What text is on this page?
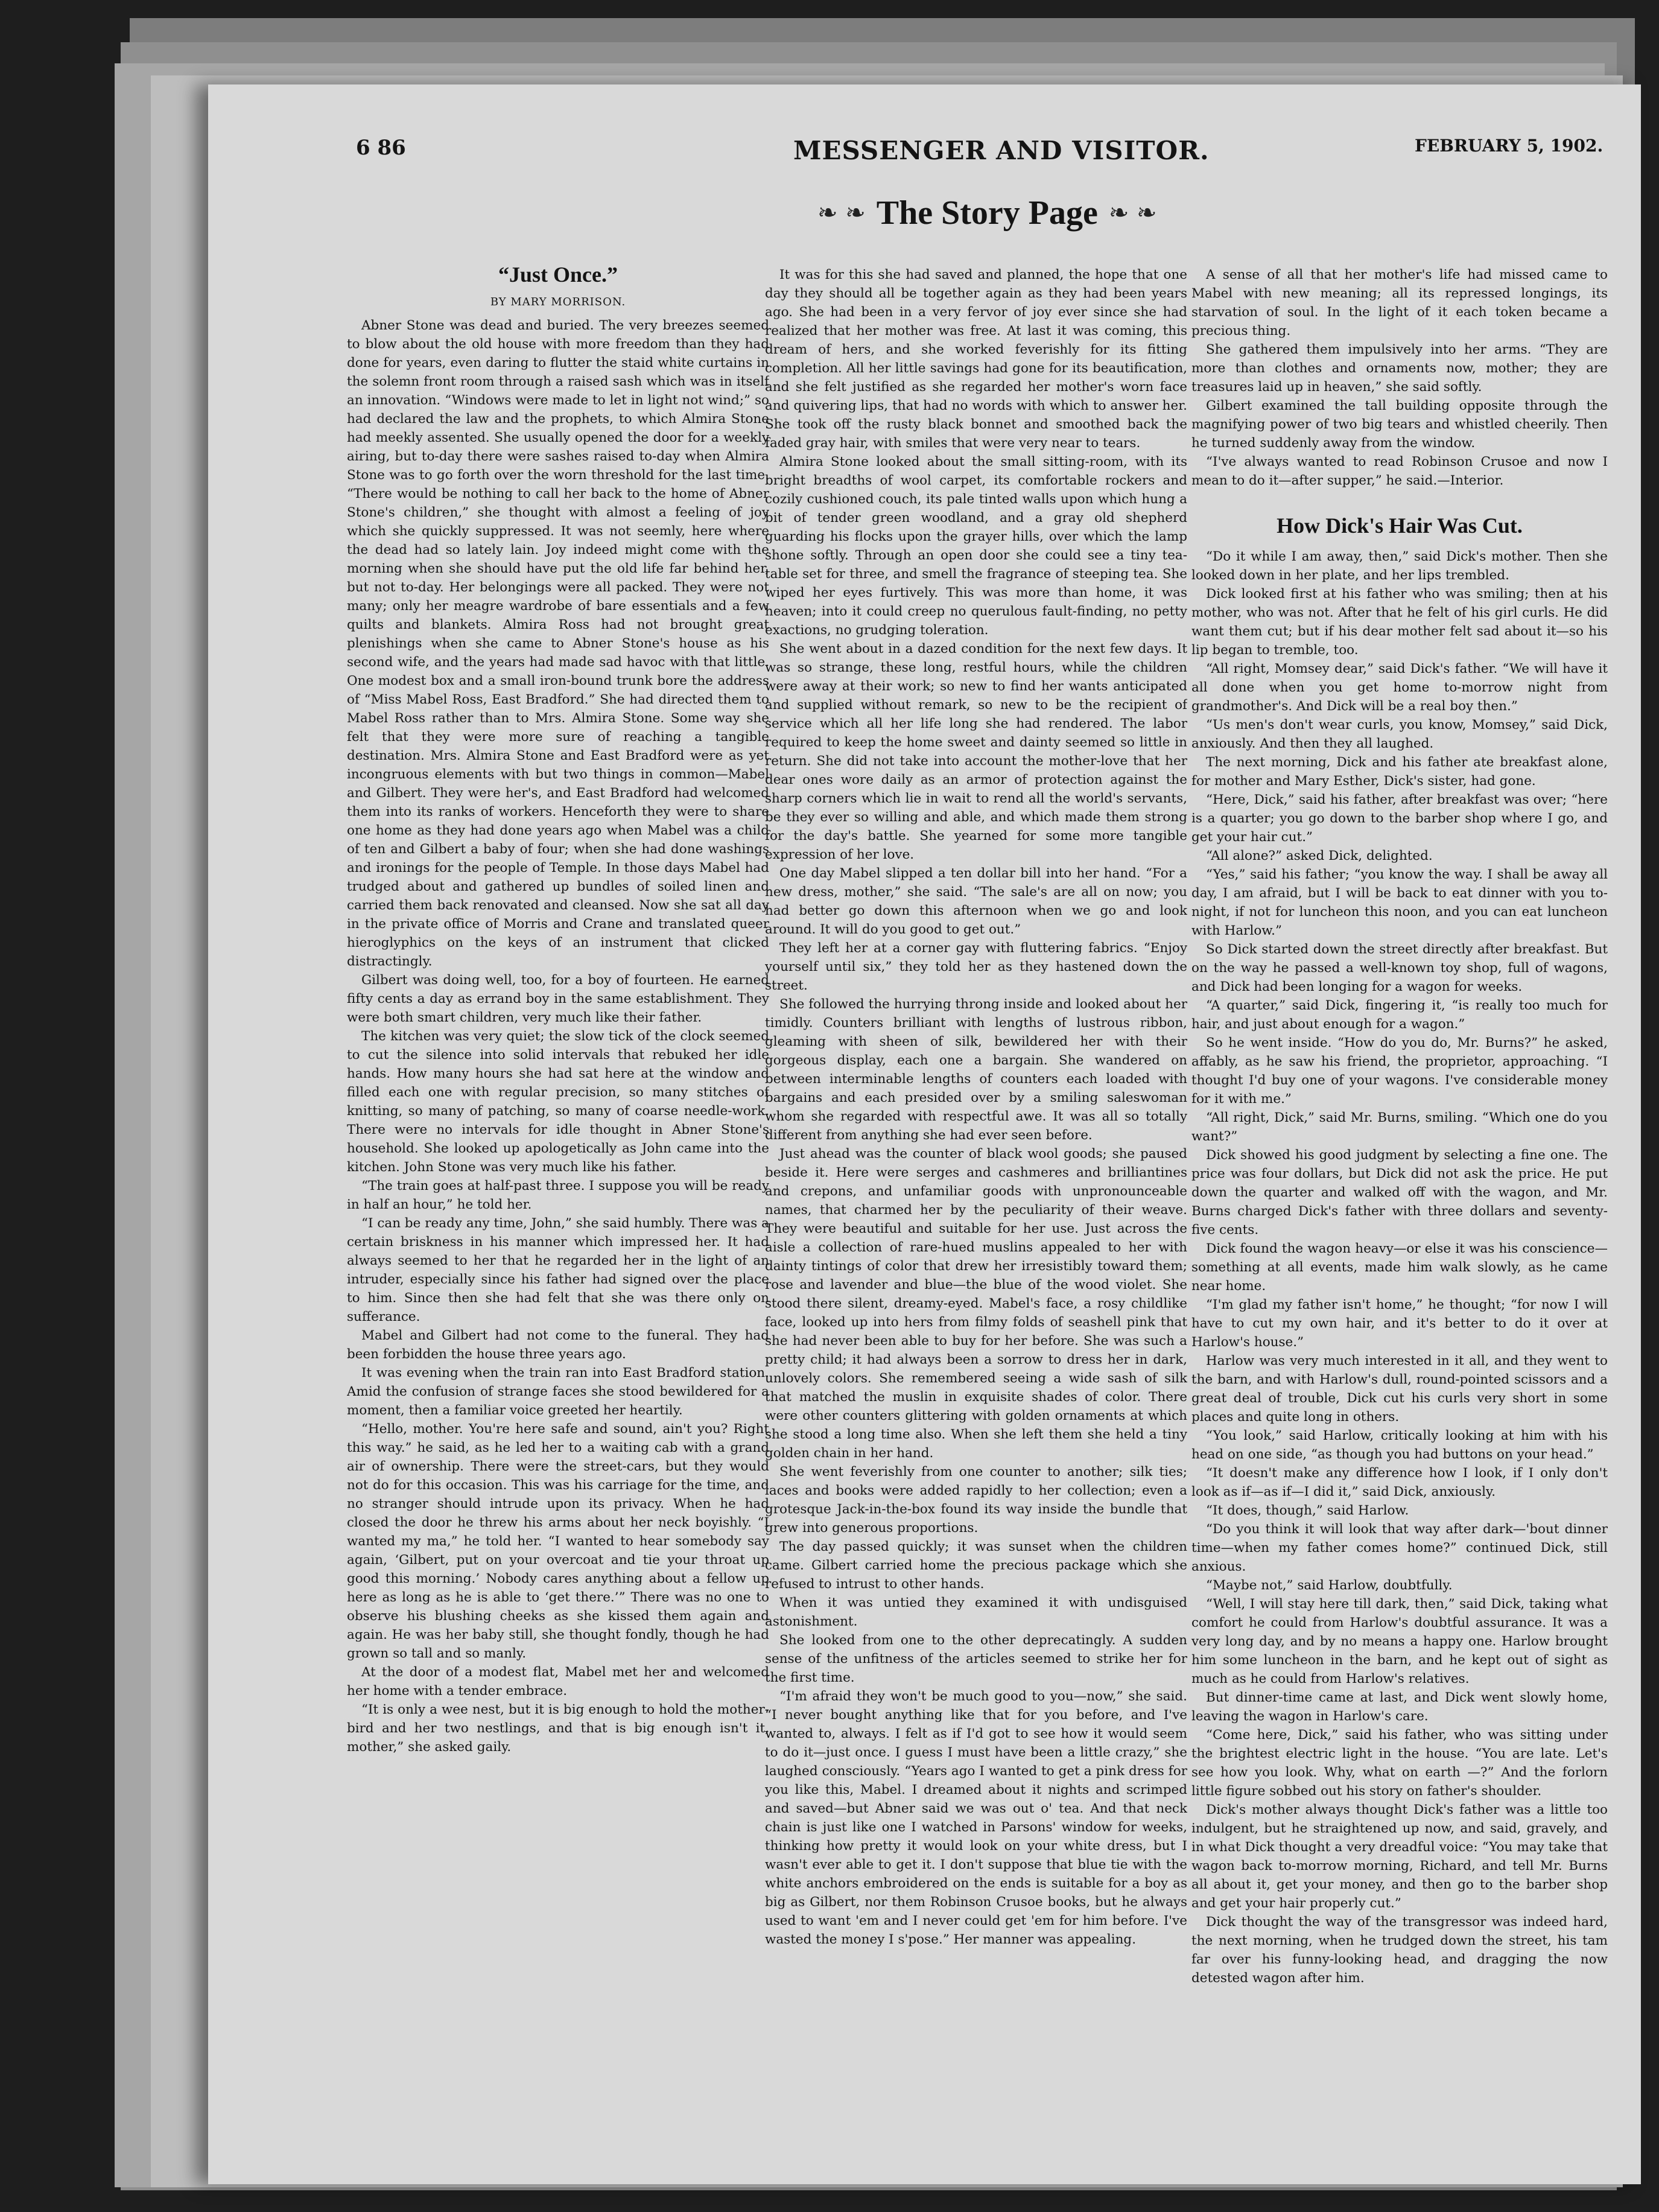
6 86	MESSENGER AND VISITOR.	FEBRUARY 5, 1902.
❧ ❧ The Story Page ❧ ❧
“Just Once.”
BY MARY MORRISON.

Abner Stone was dead and buried. The very breezes seemed to blow about the old house with more freedom than they had done for years, even daring to flutter the staid white curtains in the solemn front room through a raised sash which was in itself an innovation. “Windows were made to let in light not wind;” so had declared the law and the prophets, to which Almira Stone had meekly assented. She usually opened the door for a weekly airing, but to-day there were sashes raised to-day when Almira Stone was to go forth over the worn threshold for the last time. “There would be nothing to call her back to the home of Abner Stone's children,” she thought with almost a feeling of joy which she quickly suppressed. It was not seemly, here where the dead had so lately lain. Joy indeed might come with the morning when she should have put the old life far behind her, but not to-day. Her belongings were all packed. They were not many; only her meagre wardrobe of bare essentials and a few quilts and blankets. Almira Ross had not brought great plenishings when she came to Abner Stone's house as his second wife, and the years had made sad havoc with that little. One modest box and a small iron-bound trunk bore the address of “Miss Mabel Ross, East Bradford.” She had directed them to Mabel Ross rather than to Mrs. Almira Stone. Some way she felt that they were more sure of reaching a tangible destination. Mrs. Almira Stone and East Bradford were as yet incongruous elements with but two things in common—Mabel and Gilbert. They were her's, and East Bradford had welcomed them into its ranks of workers. Henceforth they were to share one home as they had done years ago when Mabel was a child of ten and Gilbert a baby of four; when she had done washings and ironings for the people of Temple. In those days Mabel had trudged about and gathered up bundles of soiled linen and carried them back renovated and cleansed. Now she sat all day in the private office of Morris and Crane and translated queer hieroglyphics on the keys of an instrument that clicked distractingly.

Gilbert was doing well, too, for a boy of fourteen. He earned fifty cents a day as errand boy in the same establishment. They were both smart children, very much like their father.

The kitchen was very quiet; the slow tick of the clock seemed to cut the silence into solid intervals that rebuked her idle hands. How many hours she had sat here at the window and filled each one with regular precision, so many stitches of knitting, so many of patching, so many of coarse needle-work. There were no intervals for idle thought in Abner Stone's household. She looked up apologetically as John came into the kitchen. John Stone was very much like his father.

“The train goes at half-past three. I suppose you will be ready in half an hour,” he told her.

“I can be ready any time, John,” she said humbly. There was a certain briskness in his manner which impressed her. It had always seemed to her that he regarded her in the light of an intruder, especially since his father had signed over the place to him. Since then she had felt that she was there only on sufferance.

Mabel and Gilbert had not come to the funeral. They had been forbidden the house three years ago.

It was evening when the train ran into East Bradford station. Amid the confusion of strange faces she stood bewildered for a moment, then a familiar voice greeted her heartily.

“Hello, mother. You're here safe and sound, ain't you? Right this way.” he said, as he led her to a waiting cab with a grand air of ownership. There were the street-cars, but they would not do for this occasion. This was his carriage for the time, and no stranger should intrude upon its privacy. When he had closed the door he threw his arms about her neck boyishly. “I wanted my ma,” he told her. “I wanted to hear somebody say again, ‘Gilbert, put on your overcoat and tie your throat up good this morning.’ Nobody cares anything about a fellow up here as long as he is able to ‘get there.’” There was no one to observe his blushing cheeks as she kissed them again and again. He was her baby still, she thought fondly, though he had grown so tall and so manly.

At the door of a modest flat, Mabel met her and welcomed her home with a tender embrace.

“It is only a wee nest, but it is big enough to hold the mother-bird and her two nestlings, and that is big enough isn't it, mother,” she asked gaily.

It was for this she had saved and planned, the hope that one day they should all be together again as they had been years ago. She had been in a very fervor of joy ever since she had realized that her mother was free. At last it was coming, this dream of hers, and she worked feverishly for its fitting completion. All her little savings had gone for its beautification, and she felt justified as she regarded her mother's worn face and quivering lips, that had no words with which to answer her. She took off the rusty black bonnet and smoothed back the faded gray hair, with smiles that were very near to tears.

Almira Stone looked about the small sitting-room, with its bright breadths of wool carpet, its comfortable rockers and cozily cushioned couch, its pale tinted walls upon which hung a bit of tender green woodland, and a gray old shepherd guarding his flocks upon the grayer hills, over which the lamp shone softly. Through an open door she could see a tiny tea-table set for three, and smell the fragrance of steeping tea. She wiped her eyes furtively. This was more than home, it was heaven; into it could creep no querulous fault-finding, no petty exactions, no grudging toleration.

She went about in a dazed condition for the next few days. It was so strange, these long, restful hours, while the children were away at their work; so new to find her wants anticipated and supplied without remark, so new to be the recipient of service which all her life long she had rendered. The labor required to keep the home sweet and dainty seemed so little in return. She did not take into account the mother-love that her dear ones wore daily as an armor of protection against the sharp corners which lie in wait to rend all the world's servants, be they ever so willing and able, and which made them strong for the day's battle. She yearned for some more tangible expression of her love.

One day Mabel slipped a ten dollar bill into her hand. “For a new dress, mother,” she said. “The sale's are all on now; you had better go down this afternoon when we go and look around. It will do you good to get out.”

They left her at a corner gay with fluttering fabrics. “Enjoy yourself until six,” they told her as they hastened down the street.

She followed the hurrying throng inside and looked about her timidly. Counters brilliant with lengths of lustrous ribbon, gleaming with sheen of silk, bewildered her with their gorgeous display, each one a bargain. She wandered on between interminable lengths of counters each loaded with bargains and each presided over by a smiling saleswoman whom she regarded with respectful awe. It was all so totally different from anything she had ever seen before.

Just ahead was the counter of black wool goods; she paused beside it. Here were serges and cashmeres and brilliantines and crepons, and unfamiliar goods with unpronounceable names, that charmed her by the peculiarity of their weave. They were beautiful and suitable for her use. Just across the aisle a collection of rare-hued muslins appealed to her with dainty tintings of color that drew her irresistibly toward them; rose and lavender and blue—the blue of the wood violet. She stood there silent, dreamy-eyed. Mabel's face, a rosy childlike face, looked up into hers from filmy folds of seashell pink that she had never been able to buy for her before. She was such a pretty child; it had always been a sorrow to dress her in dark, unlovely colors. She remembered seeing a wide sash of silk that matched the muslin in exquisite shades of color. There were other counters glittering with golden ornaments at which she stood a long time also. When she left them she held a tiny golden chain in her hand.

She went feverishly from one counter to another; silk ties; laces and books were added rapidly to her collection; even a grotesque Jack-in-the-box found its way inside the bundle that grew into generous proportions.

The day passed quickly; it was sunset when the children came. Gilbert carried home the precious package which she refused to intrust to other hands.

When it was untied they examined it with undisguised astonishment.

She looked from one to the other deprecatingly. A sudden sense of the unfitness of the articles seemed to strike her for the first time.

“I'm afraid they won't be much good to you—now,” she said. “I never bought anything like that for you before, and I've wanted to, always. I felt as if I'd got to see how it would seem to do it—just once. I guess I must have been a little crazy,” she laughed consciously. “Years ago I wanted to get a pink dress for you like this, Mabel. I dreamed about it nights and scrimped and saved—but Abner said we was out o' tea. And that neck chain is just like one I watched in Parsons' window for weeks, thinking how pretty it would look on your white dress, but I wasn't ever able to get it. I don't suppose that blue tie with the white anchors embroidered on the ends is suitable for a boy as big as Gilbert, nor them Robinson Crusoe books, but he always used to want 'em and I never could get 'em for him before. I've wasted the money I s'pose.” Her manner was appealing.

A sense of all that her mother's life had missed came to Mabel with new meaning; all its repressed longings, its starvation of soul. In the light of it each token became a precious thing.

She gathered them impulsively into her arms. “They are more than clothes and ornaments now, mother; they are treasures laid up in heaven,” she said softly.

Gilbert examined the tall building opposite through the magnifying power of two big tears and whistled cheerily. Then he turned suddenly away from the window.

“I've always wanted to read Robinson Crusoe and now I mean to do it—after supper,” he said.—Interior.

How Dick's Hair Was Cut.

“Do it while I am away, then,” said Dick's mother. Then she looked down in her plate, and her lips trembled.

Dick looked first at his father who was smiling; then at his mother, who was not. After that he felt of his girl curls. He did want them cut; but if his dear mother felt sad about it—so his lip began to tremble, too.

“All right, Momsey dear,” said Dick's father. “We will have it all done when you get home to-morrow night from grandmother's. And Dick will be a real boy then.”

“Us men's don't wear curls, you know, Momsey,” said Dick, anxiously. And then they all laughed.

The next morning, Dick and his father ate breakfast alone, for mother and Mary Esther, Dick's sister, had gone.

“Here, Dick,” said his father, after breakfast was over; “here is a quarter; you go down to the barber shop where I go, and get your hair cut.”

“All alone?” asked Dick, delighted.

“Yes,” said his father; “you know the way. I shall be away all day, I am afraid, but I will be back to eat dinner with you to-night, if not for luncheon this noon, and you can eat luncheon with Harlow.”

So Dick started down the street directly after breakfast. But on the way he passed a well-known toy shop, full of wagons, and Dick had been longing for a wagon for weeks.

“A quarter,” said Dick, fingering it, “is really too much for hair, and just about enough for a wagon.”

So he went inside. “How do you do, Mr. Burns?” he asked, affably, as he saw his friend, the proprietor, approaching. “I thought I'd buy one of your wagons. I've considerable money for it with me.”

“All right, Dick,” said Mr. Burns, smiling. “Which one do you want?”

Dick showed his good judgment by selecting a fine one. The price was four dollars, but Dick did not ask the price. He put down the quarter and walked off with the wagon, and Mr. Burns charged Dick's father with three dollars and seventy-five cents.

Dick found the wagon heavy—or else it was his conscience—something at all events, made him walk slowly, as he came near home.

“I'm glad my father isn't home,” he thought; “for now I will have to cut my own hair, and it's better to do it over at Harlow's house.”

Harlow was very much interested in it all, and they went to the barn, and with Harlow's dull, round-pointed scissors and a great deal of trouble, Dick cut his curls very short in some places and quite long in others.

“You look,” said Harlow, critically looking at him with his head on one side, “as though you had buttons on your head.”

“It doesn't make any difference how I look, if I only don't look as if—as if—I did it,” said Dick, anxiously.

“It does, though,” said Harlow.

“Do you think it will look that way after dark—'bout dinner time—when my father comes home?” continued Dick, still anxious.

“Maybe not,” said Harlow, doubtfully.

“Well, I will stay here till dark, then,” said Dick, taking what comfort he could from Harlow's doubtful assurance. It was a very long day, and by no means a happy one. Harlow brought him some luncheon in the barn, and he kept out of sight as much as he could from Harlow's relatives.

But dinner-time came at last, and Dick went slowly home, leaving the wagon in Harlow's care.

“Come here, Dick,” said his father, who was sitting under the brightest electric light in the house. “You are late. Let's see how you look. Why, what on earth —?” And the forlorn little figure sobbed out his story on father's shoulder.

Dick's mother always thought Dick's father was a little too indulgent, but he straightened up now, and said, gravely, and in what Dick thought a very dreadful voice: “You may take that wagon back to-morrow morning, Richard, and tell Mr. Burns all about it, get your money, and then go to the barber shop and get your hair properly cut.”

Dick thought the way of the transgressor was indeed hard, the next morning, when he trudged down the street, his tam far over his funny-looking head, and dragging the now detested wagon after him.
